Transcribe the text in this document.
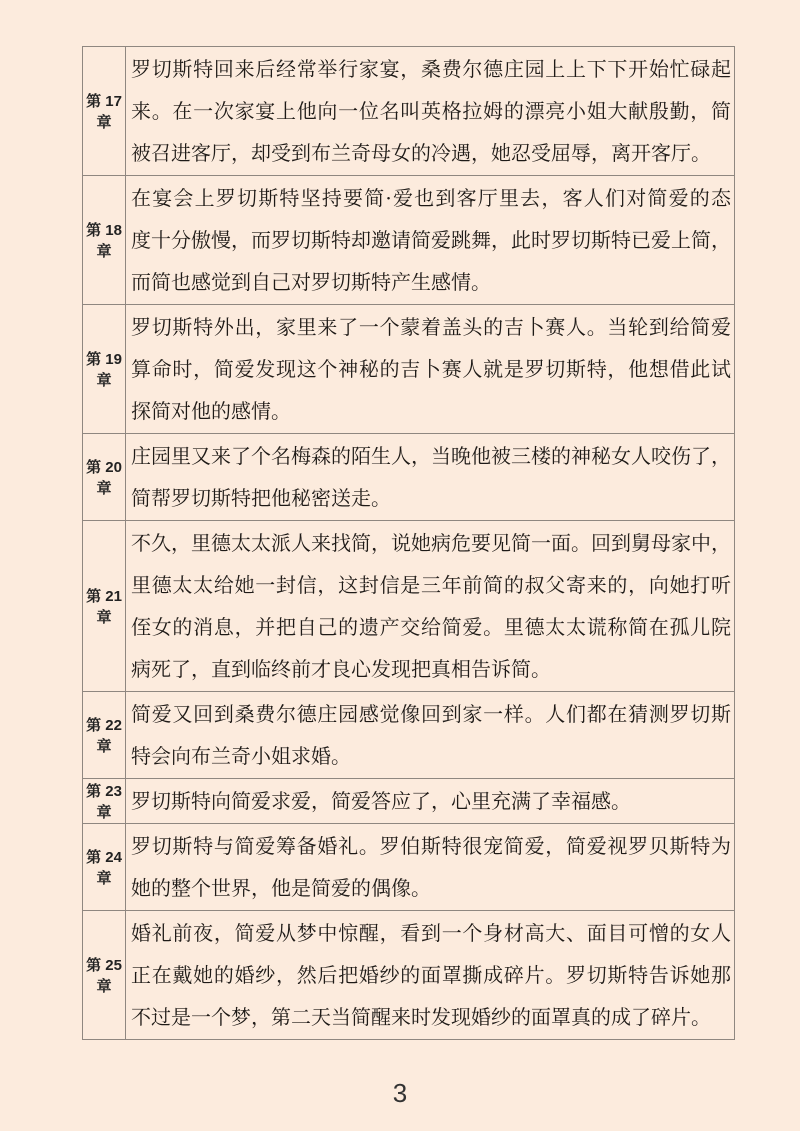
第 17 章	罗切斯特回来后经常举行家宴，桑费尔德庄园上上下下开始忙碌起
来。在一次家宴上他向一位名叫英格拉姆的漂亮小姐大献殷勤，简
被召进客厅，却受到布兰奇母女的冷遇，她忍受屈辱，离开客厅。

第 18 章	在宴会上罗切斯特坚持要简·爱也到客厅里去，客人们对简爱的态
度十分傲慢，而罗切斯特却邀请简爱跳舞，此时罗切斯特已爱上简，
而简也感觉到自己对罗切斯特产生感情。

第 19 章	罗切斯特外出，家里来了一个蒙着盖头的吉卜赛人。当轮到给简爱
算命时，简爱发现这个神秘的吉卜赛人就是罗切斯特，他想借此试
探简对他的感情。

第 20 章	庄园里又来了个名梅森的陌生人，当晚他被三楼的神秘女人咬伤了，
简帮罗切斯特把他秘密送走。

第 21 章	不久，里德太太派人来找简，说她病危要见简一面。回到舅母家中，
里德太太给她一封信，这封信是三年前简的叔父寄来的，向她打听
侄女的消息，并把自己的遗产交给简爱。里德太太谎称简在孤儿院
病死了，直到临终前才良心发现把真相告诉简。

第 22 章	简爱又回到桑费尔德庄园感觉像回到家一样。人们都在猜测罗切斯
特会向布兰奇小姐求婚。

第 23 章	罗切斯特向简爱求爱，简爱答应了，心里充满了幸福感。

第 24 章	罗切斯特与简爱筹备婚礼。罗伯斯特很宠简爱，简爱视罗贝斯特为
她的整个世界，他是简爱的偶像。

第 25 章	婚礼前夜，简爱从梦中惊醒，看到一个身材高大、面目可憎的女人
正在戴她的婚纱，然后把婚纱的面罩撕成碎片。罗切斯特告诉她那
不过是一个梦，第二天当简醒来时发现婚纱的面罩真的成了碎片。
3
